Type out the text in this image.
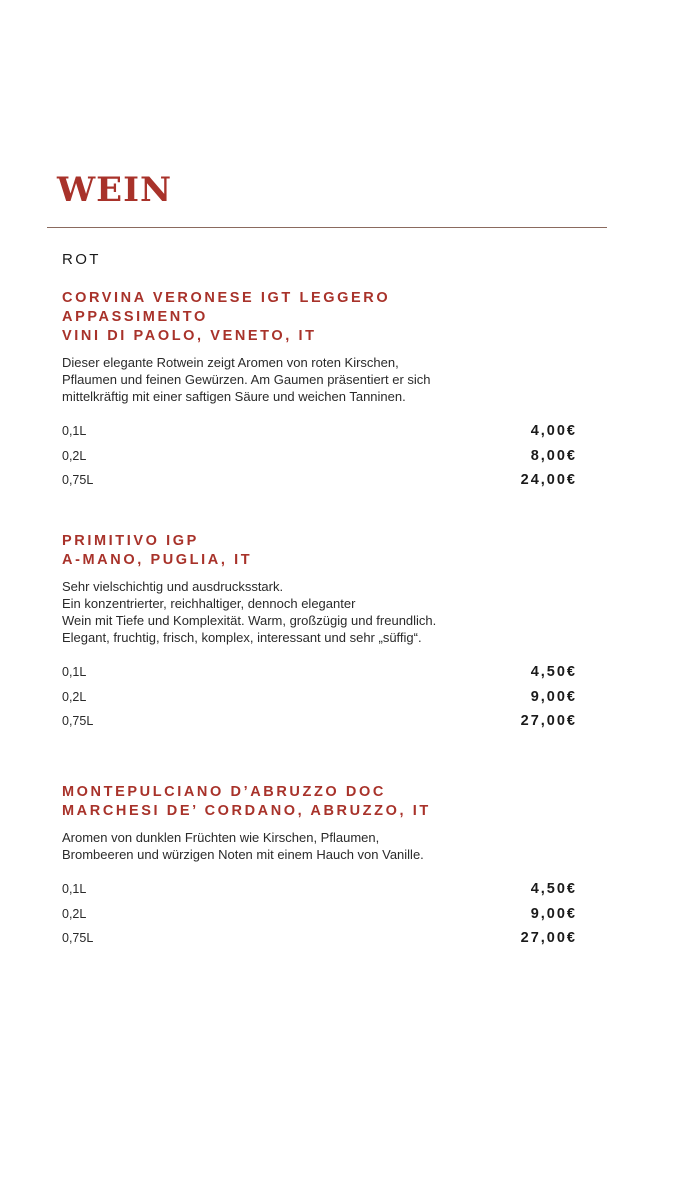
WEIN
ROT
CORVINA VERONESE IGT LEGGERO
APPASSIMENTO
VINI DI PAOLO, VENETO, IT
Dieser elegante Rotwein zeigt Aromen von roten Kirschen,
Pflaumen und feinen Gewürzen. Am Gaumen präsentiert er sich
mittelkräftig mit einer saftigen Säure und weichen Tanninen.
0,1L	4,00€
0,2L	8,00€
0,75L	24,00€
PRIMITIVO IGP
A-MANO, PUGLIA, IT
Sehr vielschichtig und ausdrucksstark.
Ein konzentrierter, reichhaltiger, dennoch eleganter
Wein mit Tiefe und Komplexität. Warm, großzügig und freundlich.
Elegant, fruchtig, frisch, komplex, interessant und sehr „süffig“.
0,1L	4,50€
0,2L	9,00€
0,75L	27,00€
MONTEPULCIANO D’ABRUZZO DOC
MARCHESI DE’ CORDANO, ABRUZZO, IT
Aromen von dunklen Früchten wie Kirschen, Pflaumen,
Brombeeren und würzigen Noten mit einem Hauch von Vanille.
0,1L	4,50€
0,2L	9,00€
0,75L	27,00€
